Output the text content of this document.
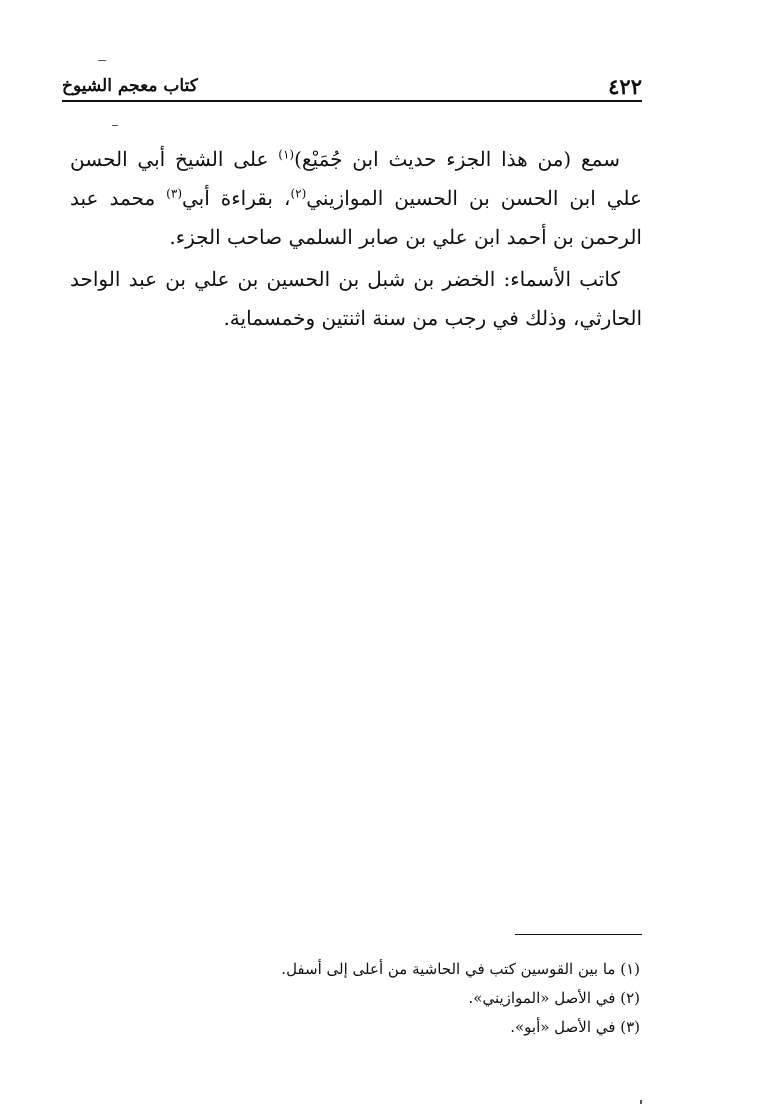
٤٢٢
كتاب معجم الشيوخ

سمع (من هذا الجزء حديث ابن جُمَيْع)$^{(١)}$ على الشيخ أبي الحسن علي ابن الحسن بن الحسين الموازيني$^{(٢)}$، بقراءة أبي$^{(٣)}$ محمد عبد الرحمن بن أحمد ابن علي بن صابر السلمي صاحب الجزء.

كاتب الأسماء: الخضر بن شبل بن الحسين بن علي بن عبد الواحد الحارثي، وذلك في رجب من سنة اثنتين وخمسماية.

(١) ما بين القوسين كتب في الحاشية من أعلى إلى أسفل.

(٢) في الأصل «الموازيني».

(٣) في الأصل «أبو».
